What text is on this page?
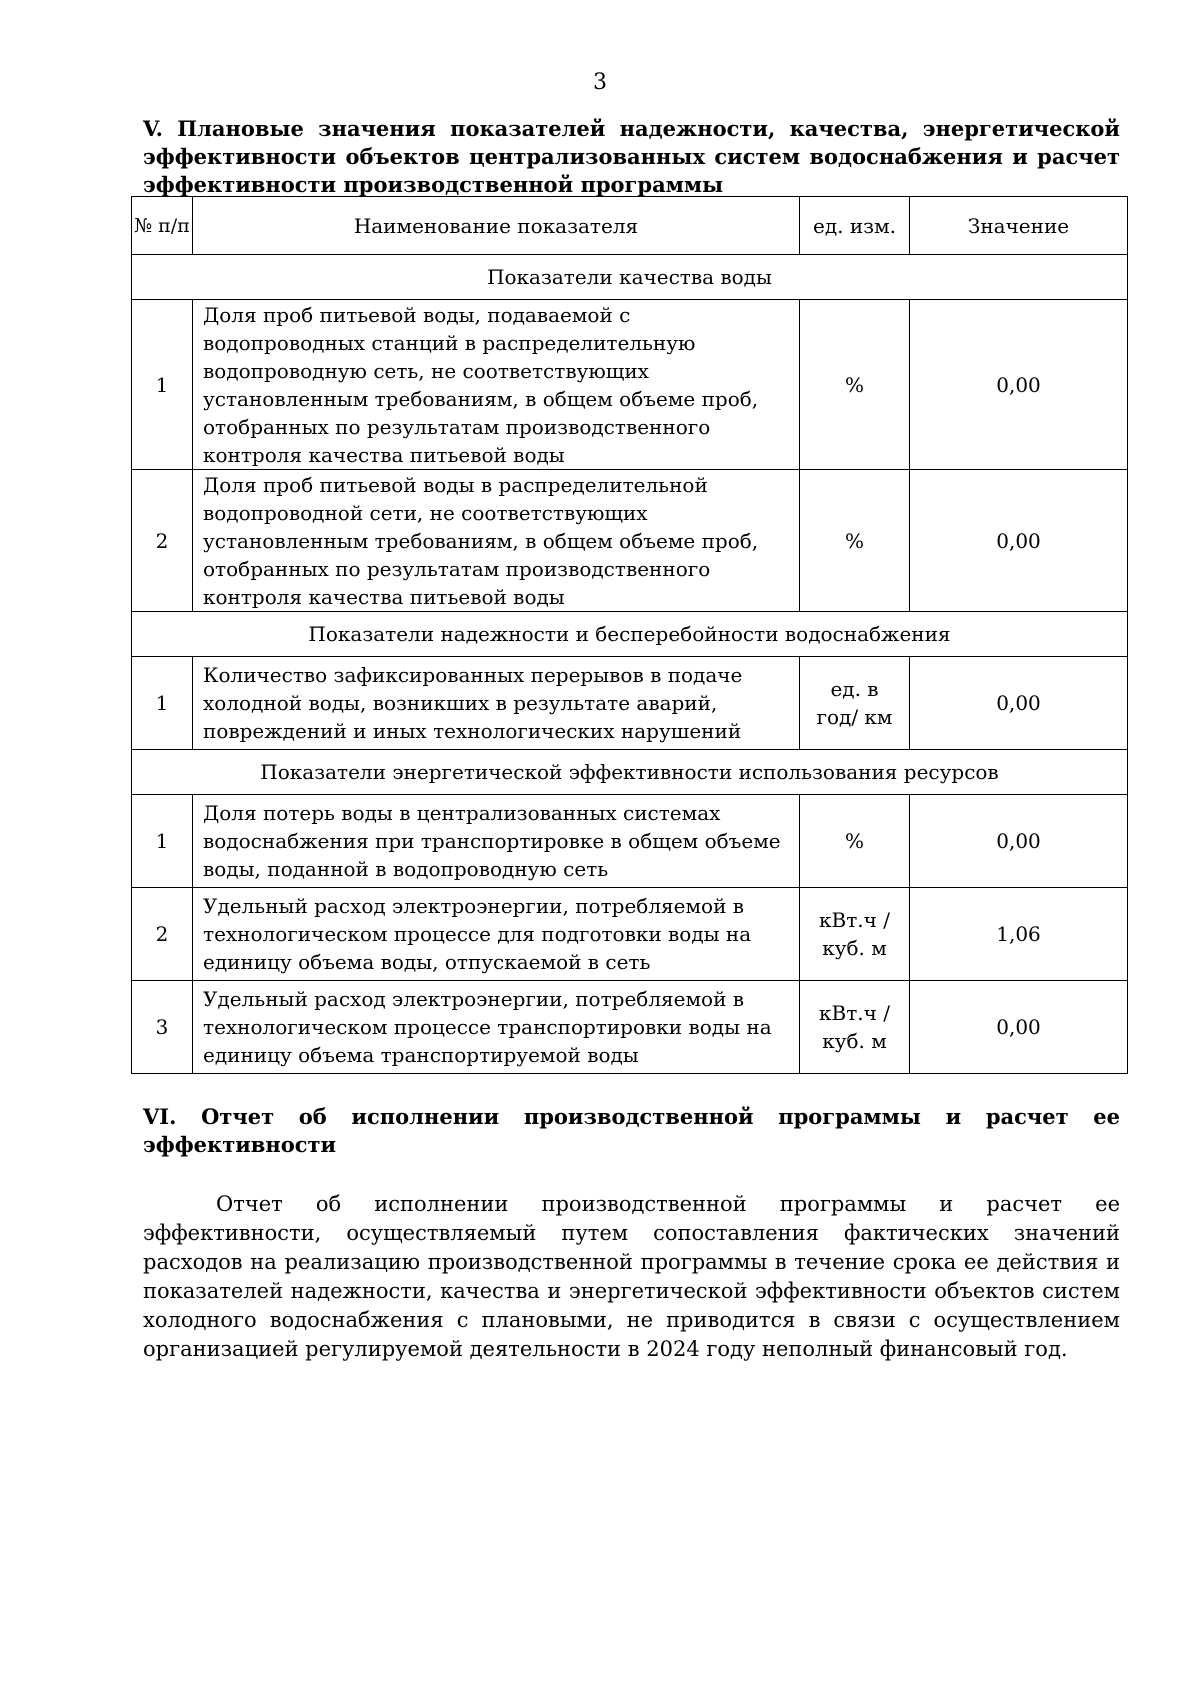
3
V. Плановые значения показателей надежности, качества, энергетической эффективности объектов централизованных систем водоснабжения и расчет эффективности производственной программы
№ п/п	Наименование показателя	ед. изм.	Значение
Показатели качества воды			
1	Доля проб питьевой воды, подаваемой с водопроводных станций в распределительную водопроводную сеть, не соответствующих установленным требованиям, в общем объеме проб, отобранных по результатам производственного контроля качества питьевой воды	%	0,00
2	Доля проб питьевой воды в распределительной водопроводной сети, не соответствующих установленным требованиям, в общем объеме проб, отобранных по результатам производственного контроля качества питьевой воды	%	0,00
Показатели надежности и бесперебойности водоснабжения			
1	Количество зафиксированных перерывов в подаче холодной воды, возникших в результате аварий, повреждений и иных технологических нарушений	ед. в год/ км	0,00
Показатели энергетической эффективности использования ресурсов			
1	Доля потерь воды в централизованных системах водоснабжения при транспортировке в общем объеме воды, поданной в водопроводную сеть	%	0,00
2	Удельный расход электроэнергии, потребляемой в технологическом процессе для подготовки воды на единицу объема воды, отпускаемой в сеть	кВт.ч / куб. м	1,06
3	Удельный расход электроэнергии, потребляемой в технологическом процессе транспортировки воды на единицу объема транспортируемой воды	кВт.ч / куб. м	0,00
VI. Отчет об исполнении производственной программы и расчет ее эффективности
Отчет об исполнении производственной программы и расчет ее эффективности, осуществляемый путем сопоставления фактических значений расходов на реализацию производственной программы в течение срока ее действия и показателей надежности, качества и энергетической эффективности объектов систем холодного водоснабжения с плановыми, не приводится в связи с осуществлением организацией регулируемой деятельности в 2024 году неполный финансовый год.
